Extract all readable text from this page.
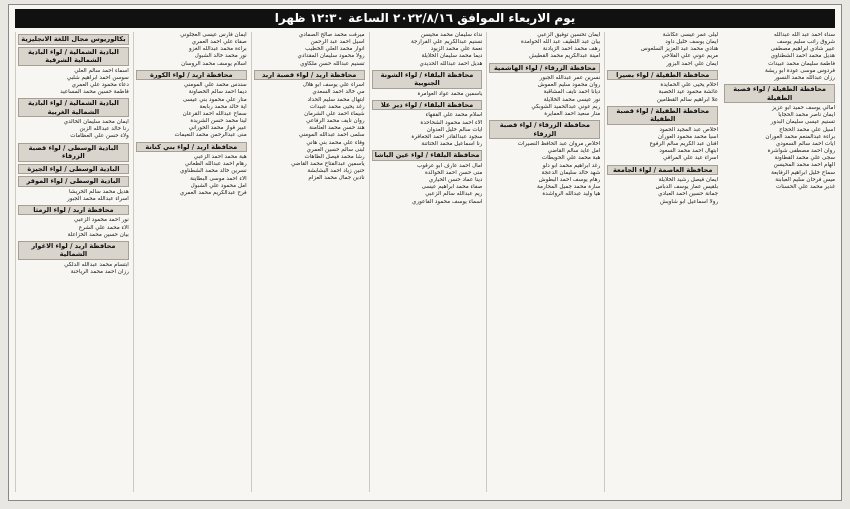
يوم الاربعاء الموافق ٢٠٢٢/٨/١٦ الساعة ١٢:٣٠ ظهرا
بكالوريوس مجال اللغة الانجليزية
البادية الشمالية / لواء البادية الشمالية الشرقية
اسماء احمد سالم العلي
سوسن احمد ابراهيم شلبي
دعاء محمود علي العمري
فاطمة حسين محمد المساعيد
البادية الشمالية / لواء البادية الشمالية الغربية
ايمان محمد سليمان الخالدي
رنا خالد عبدالله الزبن
ولاء حسن علي العظامات
البادية الوسطى / لواء قصبة الزرقاء
البادية الوسطى / لواء الجيزة
البادية الوسطى / لواء الموقر
هديل محمد سالم الخريشا
اسراء عبدالله محمد الجبور
محافظة اربد / لواء الرمثا
نور احمد محمود الزعبي
الاء محمد علي الشرع
بيان حسين محمد الخزاعلة
محافظة اربد / لواء الاغوار الشمالية
ابتسام محمد عبدالله الدلكي
رزان احمد محمد الرياحنة
ايمان فارس عيسى العجلوني
صفاء علي احمد العمري
براءة محمد عبدالله الغزو
نور محمد خالد الشبول
اسلام يوسف محمد الروسان
محافظة اربد / لواء الكورة
سندس محمد علي المومني
ديما احمد سالم الخصاونة
منار علي محمود بني عيسى
اية خالد محمد ربابعة
سماح عبدالله احمد القرعان
لينا محمد حسن الشريدة
عبير فواز محمد الحوراني
منى عبدالرحمن محمد النعيمات
محافظة اربد / لواء بني كنانة
هبة محمد احمد الزعبي
رهام احمد عبدالله الطعاني
نسرين خالد محمد الشطناوي
الاء احمد موسى البطاينة
امل محمود علي الشبول
فرح عبدالكريم محمد العمري
ميرفت محمد صالح الصمادي
اسيل احمد عبد الرحمن
انوار محمد العلي الخطيب
رولا محمود سليمان المقدادي
تسنيم عبدالله حسن ملكاوي
محافظة اربد / لواء قصبة اربد
اسراء علي يوسف ابو هلال
مي خالد احمد السعدي
ابتهال محمد سليم الحداد
رغد يحيى محمد عبيدات
شيماء احمد علي الشرمان
روان نايف محمد الرفاعي
هند حسن محمد العثامنة
سلمى احمد عبدالله المومني
وفاء علي محمد بني هاني
لبنى سالم حسين العمري
رشا محمد فيصل الطاهات
ياسمين عبدالفتاح محمد القاضي
حنين زياد احمد البشابشة
نادين جمال محمد العزام
نداء سليمان محمد محيسن
تسنيم عبدالكريم علي الفرارجة
نعمة علي محمد الزيود
ديما محمد سليمان الخلايلة
هديل احمد عبدالله الحديدي
محافظة البلقاء / لواء الشونة الجنوبية
ياسمين محمد عواد العوامرة
محافظة البلقاء / لواء دير علا
اسلام محمد علي الفقهاء
الاء احمد محمود الشحاحدة
ايات سالم خليل العدوان
سجود عبدالقادر احمد الجعافرة
رنا اسماعيل محمد الختاتنة
محافظة البلقاء / لواء عين الباشا
امال احمد عارف ابو عرقوب
منى حسن احمد الخوالدة
دينا عماد حسن الحياري
صفاء محمد ابراهيم عيسى
ريم عبدالله سالم الزعبي
اسماء يوسف محمود الفاعوري
ايمان تحسين توفيق الزعبي
بيان عبد اللطيف عبد الله الحوامدة
رهف محمد احمد الزيادنة
امينة عبدالكريم محمد القطيش
محافظة الزرقاء / لواء الهاشمية
نسرين عمر عبدالله الجبور
روان محمود سليم العموش
ديانا احمد نايف المشاقبة
نور عيسى محمد الخلايلة
ريم عوني عبدالحميد الشوبكي
منار سعيد احمد العمايرة
محافظة الزرقاء / لواء قصبة الزرقاء
اخلاص مروان عبد الحافظ النصيرات
امل عايد سالم القاضي
هبة محمد علي الحويطات
رغد ابراهيم محمد ابو دلو
شهد خالد سليمان الدعجة
رهام يوسف احمد البطوش
سارة محمد جميل المحارمة
هيا وليد عبدالله الرواشدة
ليلى عمر عيسى عكاشة
ايمان يوسف خليل داود
هنادي محمد عبد العزيز السلعوس
مريم عوني علي الفلاحي
ايمان علي احمد البزور
محافظة الطفيلة / لواء بصيرا
احلام يحيى علي الحمايدة
عائشة محمود عيد الخصبة
علا ابراهيم سالم القطامين
محافظة الطفيلة / لواء قصبة الطفيلة
اخلاص عبد المجيد الحمود
اسيا محمد محمود العوران
افنان عبد الكريم سالم الرفوع
ابتهال احمد محمد السعود
اسراء عيد علي المرافي
محافظة العاصمة / لواء الجامعة
ايمان فيصل رشيد الخلايلة
بلقيس عمار يوسف الدباس
جمانة حسين احمد العبادي
رولا اسماعيل ابو شاويش
سناء احمد عبد الله عبدالله
شروق راتب سليم يوسف
عبير شادي ابراهيم مصطفى
هديل محمد احمد الشطناوي
فاطمة سليمان محمد عبيدات
فردوس موسى عودة ابو ريشة
رزان عبدالله محمد النسور
محافظة الطفيلة / لواء قصبة الطفيلة
امالي يوسف حميد ابو عزيز
ايمان ناصر محمد الحجايا
تسنيم عيسى سليمان البدور
اسيل علي محمد الحجاج
براءة عبدالمنعم محمد العوران
ايات احمد سالم السعودي
روان احمد مصطفى شواشرة
سجى علي محمد القطاونة
الهام احمد محمد المحيسن
سماح خليل ابراهيم الرفايعة
ميس فرحان سليم العبابنة
غدير محمد علي الحسنات
